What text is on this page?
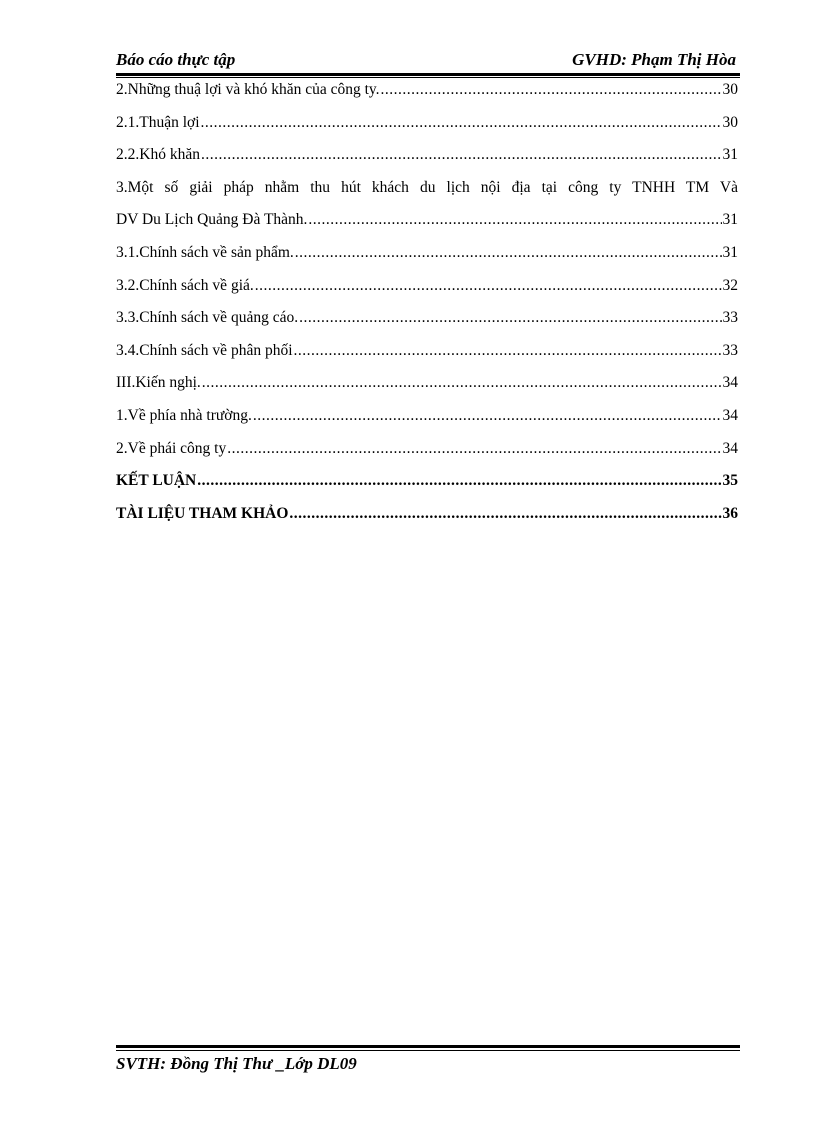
Báo cáo thực tập	GVHD: Phạm Thị Hòa
2.Những thuậ lợi và khó khăn của công ty. .....	30
2.1.Thuận lợi .....	30
2.2.Khó khăn .....	31
3.Một số giải pháp nhằm thu hút khách du lịch nội địa tại công ty TNHH TM Và
DV Du Lịch Quảng Đà Thành. .....	31
3.1.Chính sách về sản phẩm. .....	31
3.2.Chính sách về giá. .....	32
3.3.Chính sách về quảng cáo. .....	33
3.4.Chính sách về phân phối .....	33
III.Kiến nghị. .....	34
1.Về phía nhà trường. .....	34
2.Về phái công ty .....	34
KẾT LUẬN .....	35
TÀI LIỆU THAM KHẢO .....	36
SVTH: Đồng Thị Thư _Lớp DL09
